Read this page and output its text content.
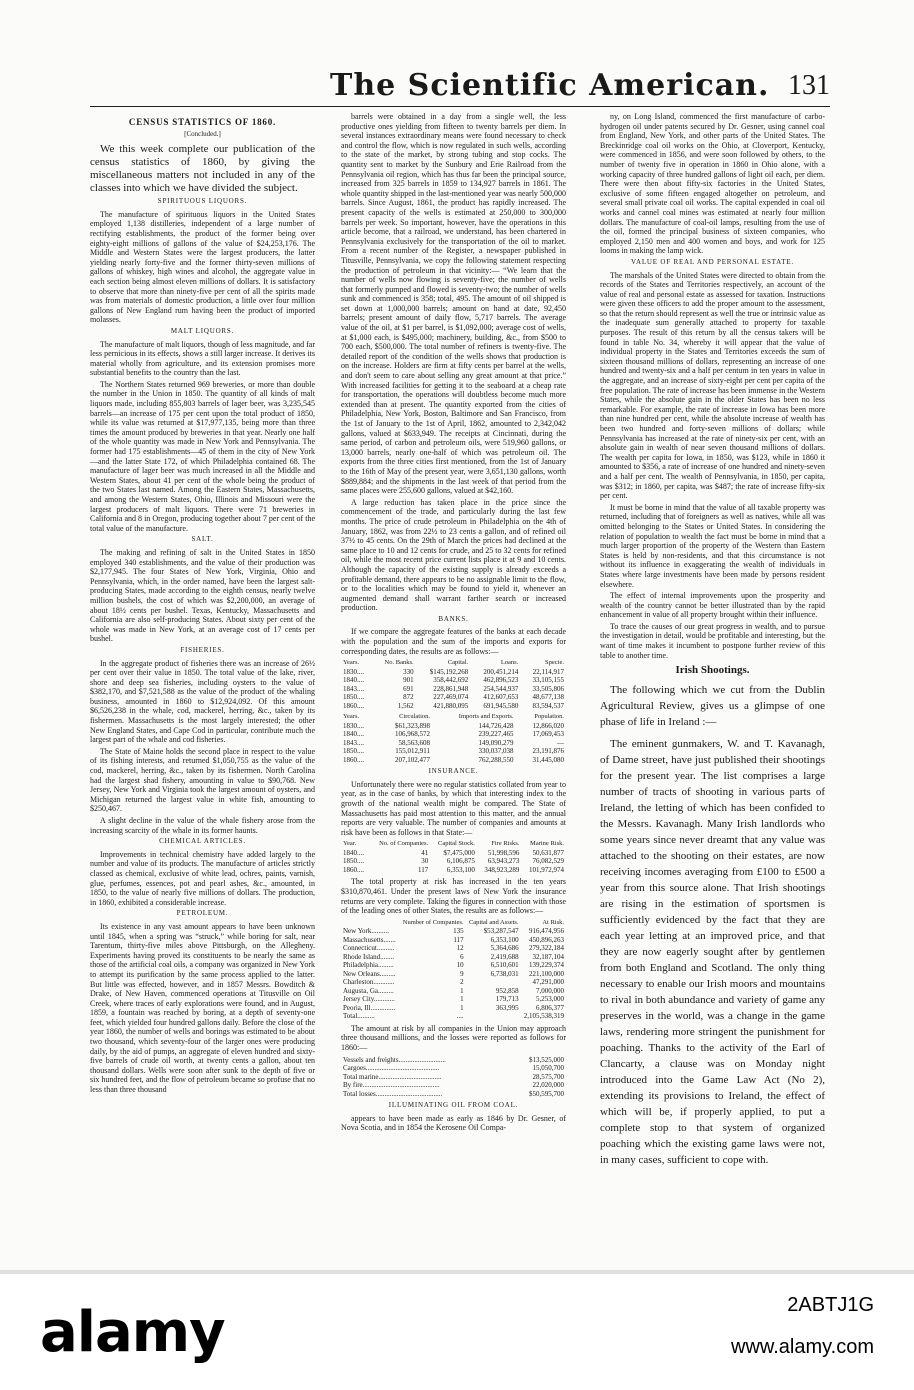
The Scientific American. 131
CENSUS STATISTICS OF 1860.
[Concluded.]

We this week complete our publication of the census statistics of 1860, by giving the miscellaneous matters not included in any of the classes into which we have divided the subject.

SPIRITUOUS LIQUORS.

The manufacture of spirituous liquors in the United States employed 1,138 distilleries, independent of a large number of rectifying establishments, the product of the former being over eighty-eight millions of gallons of the value of $24,253,176. The Middle and Western States were the largest producers, the latter yielding nearly forty-five and the former thirty-seven millions of gallons of whiskey, high wines and alcohol, the aggregate value in each section being almost eleven millions of dollars. It is satisfactory to observe that more than ninety-five per cent of all the spirits made was from materials of domestic production, a little over four million gallons of New England rum having been the product of imported molasses.

MALT LIQUORS.

The manufacture of malt liquors, though of less magnitude, and far less pernicious in its effects, shows a still larger increase. It derives its material wholly from agriculture, and its extension promises more substantial benefits to the country than the last.

The Northern States returned 969 breweries, or more than double the number in the Union in 1850. The quantity of all kinds of malt liquors made, including 855,803 barrels of lager beer, was 3,235,545 barrels—an increase of 175 per cent upon the total product of 1850, while its value was returned at $17,977,135, being more than three times the amount produced by breweries in that year. Nearly one half of the whole quantity was made in New York and Pennsylvania. The former had 175 establishments—45 of them in the city of New York—and the latter State 172, of which Philadelphia contained 68. The manufacture of lager beer was much increased in all the Middle and Western States, about 41 per cent of the whole being the product of the two States last named. Among the Eastern States, Massachusetts, and among the Western States, Ohio, Illinois and Missouri were the largest producers of malt liquors. There were 71 breweries in California and 8 in Oregon, producing together about 7 per cent of the total value of the manufacture.

SALT.

The making and refining of salt in the United States in 1850 employed 340 establishments, and the value of their production was $2,177,945. The four States of New York, Virginia, Ohio and Pennsylvania, which, in the order named, have been the largest salt-producing States, made according to the eighth census, nearly twelve million bushels, the cost of which was $2,200,000, an average of about 18½ cents per bushel. Texas, Kentucky, Massachusetts and California are also self-producing States. About sixty per cent of the whole was made in New York, at an average cost of 17 cents per bushel.

FISHERIES.

In the aggregate product of fisheries there was an increase of 26½ per cent over their value in 1850. The total value of the lake, river, shore and deep sea fisheries, including oysters to the value of $382,170, and $7,521,588 as the value of the product of the whaling business, amounted in 1860 to $12,924,092. Of this amount $6,526,238 in the whale, cod, mackerel, herring, &c., taken by its fishermen. Massachusetts is the most largely interested; the other New England States, and Cape Cod in particular, contribute much the largest part of the whale and cod fisheries.

The State of Maine holds the second place in respect to the value of its fishing interests, and returned $1,050,755 as the value of the cod, mackerel, herring, &c., taken by its fishermen. North Carolina had the largest shad fishery, amounting in value to $90,768. New Jersey, New York and Virginia took the largest amount of oysters, and Michigan returned the largest value in white fish, amounting to $250,467.

A slight decline in the value of the whale fishery arose from the increasing scarcity of the whale in its former haunts.

CHEMICAL ARTICLES.

Improvements in technical chemistry have added largely to the number and value of its products. The manufacture of articles strictly classed as chemical, exclusive of white lead, ochres, paints, varnish, glue, perfumes, essences, pot and pearl ashes, &c., amounted, in 1850, to the value of nearly five millions of dollars. The production, in 1860, exhibited a considerable increase.

PETROLEUM.

Its existence in any vast amount appears to have been unknown until 1845, when a spring was “struck,” while boring for salt, near Tarentum, thirty-five miles above Pittsburgh, on the Allegheny. Experiments having proved its constituents to be nearly the same as those of the artificial coal oils, a company was organized in New York to attempt its purification by the same process applied to the latter. But little was effected, however, and in 1857 Messrs. Bowditch & Drake, of New Haven, commenced operations at Titusville on Oil Creek, where traces of early explorations were found, and in August, 1859, a fountain was reached by boring, at a depth of seventy-one feet, which yielded four hundred gallons daily. Before the close of the year 1860, the number of wells and borings was estimated to be about two thousand, which seventy-four of the larger ones were producing daily, by the aid of pumps, an aggregate of eleven hundred and sixty-five barrels of crude oil worth, at twenty cents a gallon, about ten thousand dollars. Wells were soon after sunk to the depth of five or six hundred feet, and the flow of petroleum became so profuse that no less than three thousand

barrels were obtained in a day from a single well, the less productive ones yielding from fifteen to twenty barrels per diem. In several instances extraordinary means were found necessary to check and control the flow, which is now regulated in such wells, according to the state of the market, by strong tubing and stop cocks. The quantity sent to market by the Sunbury and Erie Railroad from the Pennsylvania oil region, which has thus far been the principal source, increased from 325 barrels in 1859 to 134,927 barrels in 1861. The whole quantity shipped in the last-mentioned year was nearly 500,000 barrels. Since August, 1861, the product has rapidly increased. The present capacity of the wells is estimated at 250,000 to 300,000 barrels per week. So important, however, have the operations in this article become, that a railroad, we understand, has been chartered in Pennsylvania exclusively for the transportation of the oil to market. From a recent number of the Register, a newspaper published in Titusville, Pennsylvania, we copy the following statement respecting the production of petroleum in that vicinity:— “We learn that the number of wells now flowing is seventy-five; the number of wells that formerly pumped and flowed is seventy-two; the number of wells sunk and commenced is 358; total, 495. The amount of oil shipped is set down at 1,000,000 barrels; amount on hand at date, 92,450 barrels; present amount of daily flow, 5,717 barrels. The average value of the oil, at $1 per barrel, is $1,092,000; average cost of wells, at $1,000 each, is $495,000; machinery, building, &c., from $500 to 700 each, $500,000. The total number of refiners is twenty-five. The detailed report of the condition of the wells shows that production is on the increase. Holders are firm at fifty cents per barrel at the wells, and don't seem to care about selling any great amount at that price.” With increased facilities for getting it to the seaboard at a cheap rate for transportation, the operations will doubtless become much more extended than at present. The quantity exported from the cities of Philadelphia, New York, Boston, Baltimore and San Francisco, from the 1st of January to the 1st of April, 1862, amounted to 2,342,042 gallons, valued at $633,949. The receipts at Cincinnati, during the same period, of carbon and petroleum oils, were 519,960 gallons, or 13,000 barrels, nearly one-half of which was petroleum oil. The exports from the three cities first mentioned, from the 1st of January to the 16th of May of the present year, were 3,651,130 gallons, worth $889,884; and the shipments in the last week of that period from the same places were 255,600 gallons, valued at $42,160.

A large reduction has taken place in the price since the commencement of the trade, and particularly during the last few months. The price of crude petroleum in Philadelphia on the 4th of January, 1862, was from 22½ to 23 cents a gallon, and of refined oil 37½ to 45 cents. On the 29th of March the prices had declined at the same place to 10 and 12 cents for crude, and 25 to 32 cents for refined oil, while the most recent price current lists place it at 9 and 10 cents. Although the capacity of the existing supply is already exceeds a profitable demand, there appears to be no assignable limit to the flow, or to the localities which may be found to yield it, whenever an augmented demand shall warrant farther search or increased production.

BANKS.

If we compare the aggregate features of the banks at each decade with the population and the sum of the imports and exports for corresponding dates, the results are as follows:—

Years.	No. Banks.	Capital.	Loans.	Specie.
1830....	330	$145,192,268	200,451,214	22,114,917
1840....	901	358,442,692	462,896,523	33,105,155
1843....	691	228,861,948	254,544,937	33,505,806
1850....	872	227,469,074	412,607,653	48,677,138
1860....	1,562	421,880,095	691,945,580	83,594,537
Years.	Circulation.	Imports and Exports.	Population.
1830....	$61,323,898	144,726,428	12,866,020
1840....	106,968,572	239,227,465	17,069,453
1843....	58,563,608	149,090,279	—
1850....	155,012,911	330,037,038	23,191,876
1860....	207,102,477	762,288,550	31,445,080
INSURANCE.

Unfortunately there were no regular statistics collated from year to year, as in the case of banks, by which that interesting index to the growth of the national wealth might be compared. The State of Massachusetts has paid most attention to this matter, and the annual reports are very valuable. The number of companies and amounts at risk have been as follows in that State:—

Year.	No. of Companies.	Capital Stock.	Fire Risks.	Marine Risk.
1840....	41	$7,475,000	51,998,596	50,631,877
1850....	30	6,106,875	63,943,273	76,082,529
1860....	117	6,353,100	348,923,289	101,972,974

The total property at risk has increased in the ten years $310,870,461. Under the present laws of New York the insurance returns are very complete. Taking the figures in connection with those of the leading ones of other States, the results are as follows:—

	Number of Companies.	Capital and Assets.	At Risk.
New York..........	135	$53,287,547	916,474,956
Massachusetts.......	117	6,353,100	450,896,263
Connecticut..........	12	5,364,686	279,322,184
Rhode Island........	6	2,419,688	32,187,104
Philadelphia.........	10	6,510,601	139,229,374
New Orleans.........	9	6,738,031	221,100,000
Charleston............	2		47,291,000
Augusta, Ga.........	1	952,858	7,000,000
Jersey City............	1	179,713	5,253,000
Peoria, Ill..............	1	363,995	6,806,377
Total..........	....		2,105,538,319

The amount at risk by all companies in the Union may approach three thousand millions, and the losses were reported as follows for 1860:—

Vessels and freights...........................	$13,525,000
Cargoes..........................................	15,050,700
Total marine....................................	28,575,700
By fire............................................	22,020,000
Total losses......................................	$50,595,700
ILLUMINATING OIL FROM COAL.

appears to have been made as early as 1846 by Dr. Gesner, of Nova Scotia, and in 1854 the Kerosene Oil Compa-

ny, on Long Island, commenced the first manufacture of carbo-hydrogen oil under patents secured by Dr. Gesner, using cannel coal from England, New York, and other parts of the United States. The Breckinridge coal oil works on the Ohio, at Cloverport, Kentucky, were commenced in 1856, and were soon followed by others, to the number of twenty five in operation in 1860 in Ohio alone, with a working capacity of three hundred gallons of light oil each, per diem. There were then about fifty-six factories in the United States, exclusive of some fifteen engaged altogether on petroleum, and several small private coal oil works. The capital expended in coal oil works and cannel coal mines was estimated at nearly four million dollars. The manufacture of coal-oil lamps, resulting from the use of the oil, formed the principal business of sixteen companies, who employed 2,150 men and 400 women and boys, and work for 125 looms in making the lamp wick.

VALUE OF REAL AND PERSONAL ESTATE.

The marshals of the United States were directed to obtain from the records of the States and Territories respectively, an account of the value of real and personal estate as assessed for taxation. Instructions were given these officers to add the proper amount to the assessment, so that the return should represent as well the true or intrinsic value as the inadequate sum generally attached to property for taxable purposes. The result of this return by all the census takers will be found in table No. 34, whereby it will appear that the value of individual property in the States and Territories exceeds the sum of sixteen thousand millions of dollars, representing an increase of one hundred and twenty-six and a half per centum in ten years in value in the aggregate, and an increase of sixty-eight per cent per capita of the free population. The rate of increase has been immense in the Western States, while the absolute gain in the older States has been no less remarkable. For example, the rate of increase in Iowa has been more than nine hundred per cent, while the absolute increase of wealth has been two hundred and forty-seven millions of dollars; while Pennsylvania has increased at the rate of ninety-six per cent, with an absolute gain in wealth of near seven thousand millions of dollars. The wealth per capita for Iowa, in 1850, was $123, while in 1860 it amounted to $356, a rate of increase of one hundred and ninety-seven and a half per cent. The wealth of Pennsylvania, in 1850, per capita, was $312; in 1860, per capita, was $487; the rate of increase fifty-six per cent.

It must be borne in mind that the value of all taxable property was returned, including that of foreigners as well as natives, while all was omitted belonging to the States or United States. In considering the relation of population to wealth the fact must be borne in mind that a much larger proportion of the property of the Western than Eastern States is held by non-residents, and that this circumstance is not without its influence in exaggerating the wealth of individuals in States where large investments have been made by persons resident elsewhere.

The effect of internal improvements upon the prosperity and wealth of the country cannot be better illustrated than by the rapid enhancement in value of all property brought within their influence.

To trace the causes of our great progress in wealth, and to pursue the investigation in detail, would be profitable and interesting, but the want of time makes it incumbent to postpone further review of this table to another time.

Irish Shootings.

The following which we cut from the Dublin Agricultural Review, gives us a glimpse of one phase of life in Ireland :—

The eminent gunmakers, W. and T. Kavanagh, of Dame street, have just published their shootings for the present year. The list comprises a large number of tracts of shooting in various parts of Ireland, the letting of which has been confided to the Messrs. Kavanagh. Many Irish landlords who some years since never dreamt that any value was attached to the shooting on their estates, are now receiving incomes averaging from £100 to £500 a year from this source alone. That Irish shootings are rising in the estimation of sportsmen is sufficiently evidenced by the fact that they are each year letting at an improved price, and that they are now eagerly sought after by gentlemen from both England and Scotland. The only thing necessary to enable our Irish moors and mountains to rival in both abundance and variety of game any preserves in the world, was a change in the game laws, rendering more stringent the punishment for poaching. Thanks to the activity of the Earl of Clancarty, a clause was on Monday night introduced into the Game Law Act (No 2), extending its provisions to Ireland, the effect of which will be, if properly applied, to put a complete stop to that system of organized poaching which the existing game laws were not, in many cases, sufficient to cope with.

alamy	2ABTJ1G
www.alamy.com
